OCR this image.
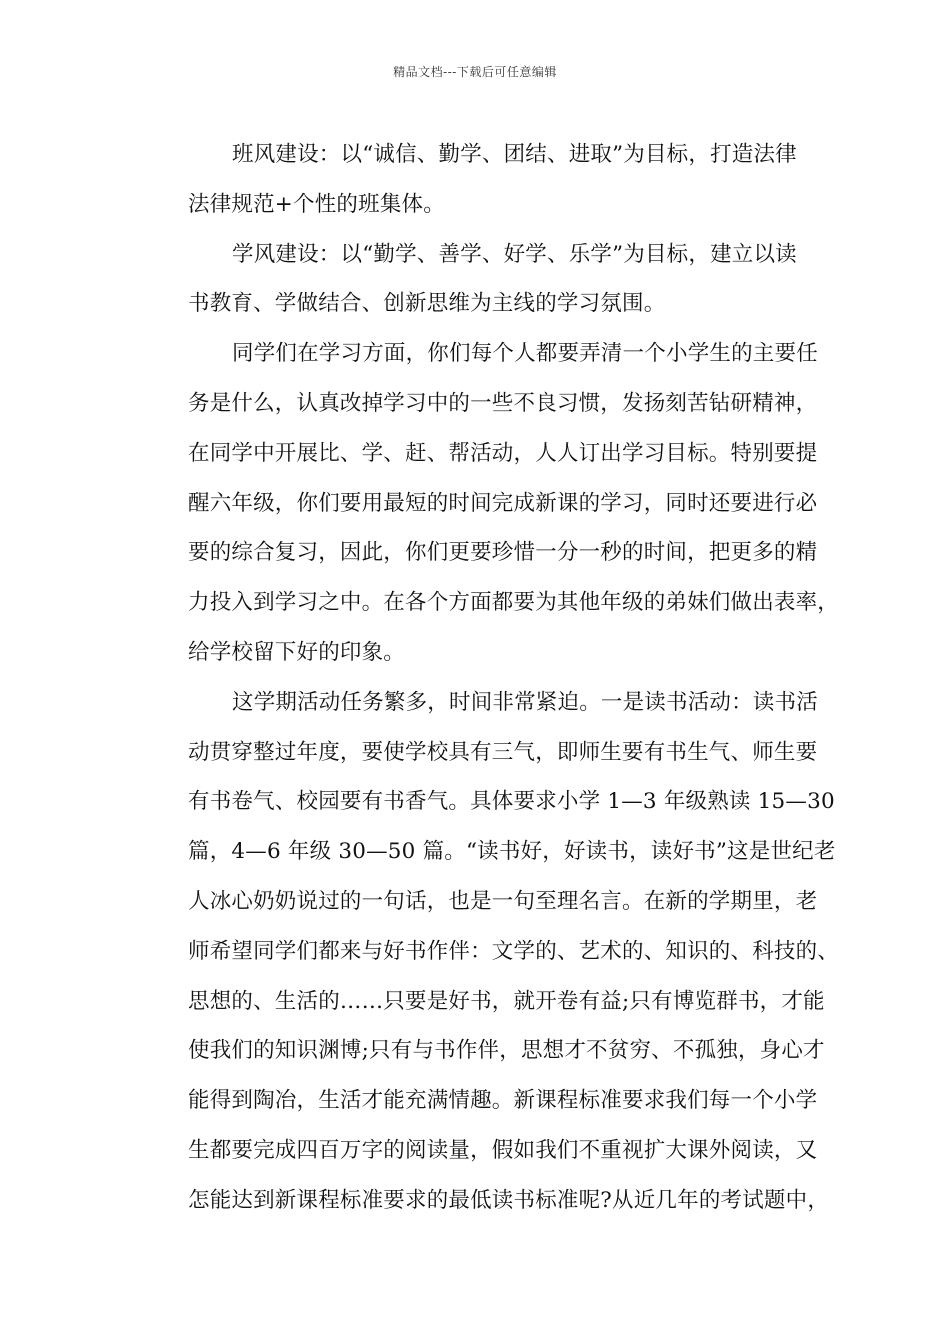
精品文档---下载后可任意编辑
班风建设：以“诚信、勤学、团结、进取”为目标，打造法律
法律规范+个性的班集体。
学风建设：以“勤学、善学、好学、乐学”为目标，建立以读
书教育、学做结合、创新思维为主线的学习氛围。
同学们在学习方面，你们每个人都要弄清一个小学生的主要任
务是什么，认真改掉学习中的一些不良习惯，发扬刻苦钻研精神，
在同学中开展比、学、赶、帮活动，人人订出学习目标。特别要提
醒六年级，你们要用最短的时间完成新课的学习，同时还要进行必
要的综合复习，因此，你们更要珍惜一分一秒的时间，把更多的精
力投入到学习之中。在各个方面都要为其他年级的弟妹们做出表率，
给学校留下好的印象。
这学期活动任务繁多，时间非常紧迫。一是读书活动：读书活
动贯穿整过年度，要使学校具有三气，即师生要有书生气、师生要
有书卷气、校园要有书香气。具体要求小学 1—3 年级熟读 15—30
篇，4—6 年级 30—50 篇。“读书好，好读书，读好书”这是世纪老
人冰心奶奶说过的一句话，也是一句至理名言。在新的学期里，老
师希望同学们都来与好书作伴：文学的、艺术的、知识的、科技的、
思想的、生活的……只要是好书，就开卷有益;只有博览群书，才能
使我们的知识渊博;只有与书作伴，思想才不贫穷、不孤独，身心才
能得到陶冶，生活才能充满情趣。新课程标准要求我们每一个小学
生都要完成四百万字的阅读量，假如我们不重视扩大课外阅读，又
怎能达到新课程标准要求的最低读书标准呢?从近几年的考试题中，
